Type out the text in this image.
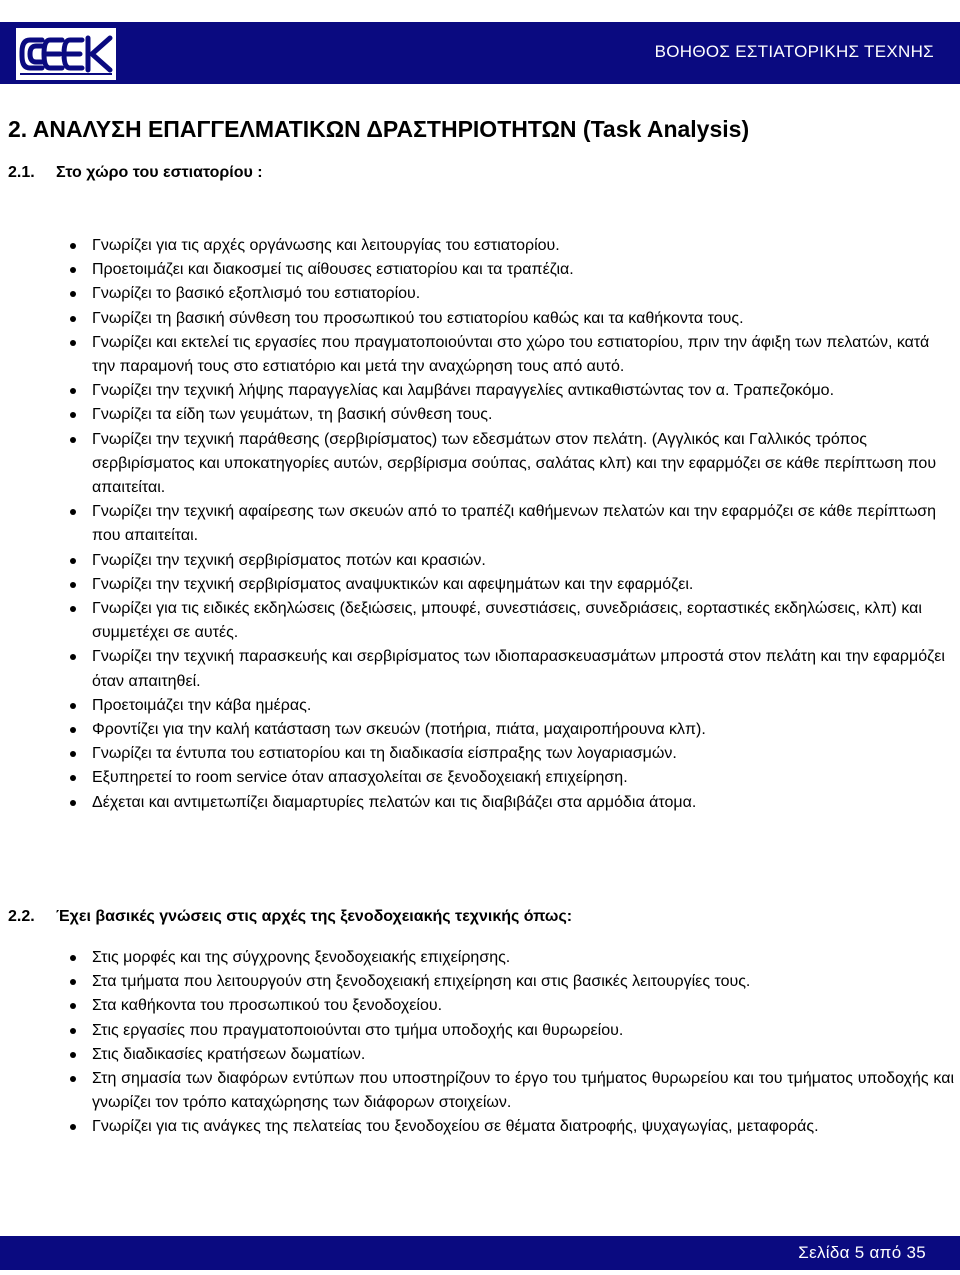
ΒΟΗΘΟΣ ΕΣΤΙΑΤΟΡΙΚΗΣ ΤΕΧΝΗΣ
2. ΑΝΑΛΥΣΗ ΕΠΑΓΓΕΛΜΑΤΙΚΩΝ ΔΡΑΣΤΗΡΙΟΤΗΤΩΝ (Task Analysis)
2.1. Στο χώρο του εστιατορίου :
Γνωρίζει για τις αρχές οργάνωσης και λειτουργίας του εστιατορίου.
Προετοιμάζει και διακοσμεί τις αίθουσες εστιατορίου και τα τραπέζια.
Γνωρίζει το βασικό εξοπλισμό του εστιατορίου.
Γνωρίζει τη βασική σύνθεση του προσωπικού του εστιατορίου καθώς και τα καθήκοντα τους.
Γνωρίζει και εκτελεί τις εργασίες που πραγματοποιούνται στο χώρο του εστιατορίου, πριν την άφιξη των πελατών, κατά την παραμονή τους στο εστιατόριο και μετά την αναχώρηση τους από αυτό.
Γνωρίζει την τεχνική λήψης παραγγελίας και λαμβάνει παραγγελίες αντικαθιστώντας τον α. Τραπεζοκόμο.
Γνωρίζει τα είδη των γευμάτων, τη βασική σύνθεση τους.
Γνωρίζει την τεχνική παράθεσης (σερβιρίσματος) των εδεσμάτων στον πελάτη. (Αγγλικός και Γαλλικός τρόπος σερβιρίσματος και υποκατηγορίες αυτών, σερβίρισμα σούπας, σαλάτας κλπ) και την εφαρμόζει σε κάθε περίπτωση που απαιτείται.
Γνωρίζει την τεχνική αφαίρεσης των σκευών από το τραπέζι καθήμενων πελατών και την εφαρμόζει σε κάθε περίπτωση που απαιτείται.
Γνωρίζει την τεχνική σερβιρίσματος ποτών και κρασιών.
Γνωρίζει την τεχνική σερβιρίσματος αναψυκτικών και αφεψημάτων και την εφαρμόζει.
Γνωρίζει για τις ειδικές εκδηλώσεις (δεξιώσεις, μπουφέ, συνεστιάσεις, συνεδριάσεις, εορταστικές εκδηλώσεις, κλπ) και συμμετέχει σε αυτές.
Γνωρίζει την τεχνική παρασκευής και σερβιρίσματος των ιδιοπαρασκευασμάτων μπροστά στον πελάτη και την εφαρμόζει όταν απαιτηθεί.
Προετοιμάζει την κάβα ημέρας.
Φροντίζει για την καλή κατάσταση των σκευών (ποτήρια, πιάτα, μαχαιροπήρουνα κλπ).
Γνωρίζει τα έντυπα του εστιατορίου και τη διαδικασία είσπραξης των λογαριασμών.
Εξυπηρετεί το room service όταν απασχολείται σε ξενοδοχειακή επιχείρηση.
Δέχεται και αντιμετωπίζει διαμαρτυρίες πελατών και τις διαβιβάζει στα αρμόδια άτομα.
2.2. Έχει βασικές γνώσεις στις αρχές της ξενοδοχειακής τεχνικής όπως:
Στις μορφές και της σύγχρονης ξενοδοχειακής επιχείρησης.
Στα τμήματα που λειτουργούν στη ξενοδοχειακή επιχείρηση και στις βασικές λειτουργίες τους.
Στα καθήκοντα του προσωπικού του ξενοδοχείου.
Στις εργασίες που πραγματοποιούνται στο τμήμα υποδοχής και θυρωρείου.
Στις διαδικασίες κρατήσεων δωματίων.
Στη σημασία των διαφόρων εντύπων που υποστηρίζουν το έργο του τμήματος θυρωρείου και του τμήματος υποδοχής και γνωρίζει τον τρόπο καταχώρησης των διάφορων στοιχείων.
Γνωρίζει για τις ανάγκες της πελατείας του ξενοδοχείου σε θέματα διατροφής, ψυχαγωγίας, μεταφοράς.
Σελίδα 5 από 35
